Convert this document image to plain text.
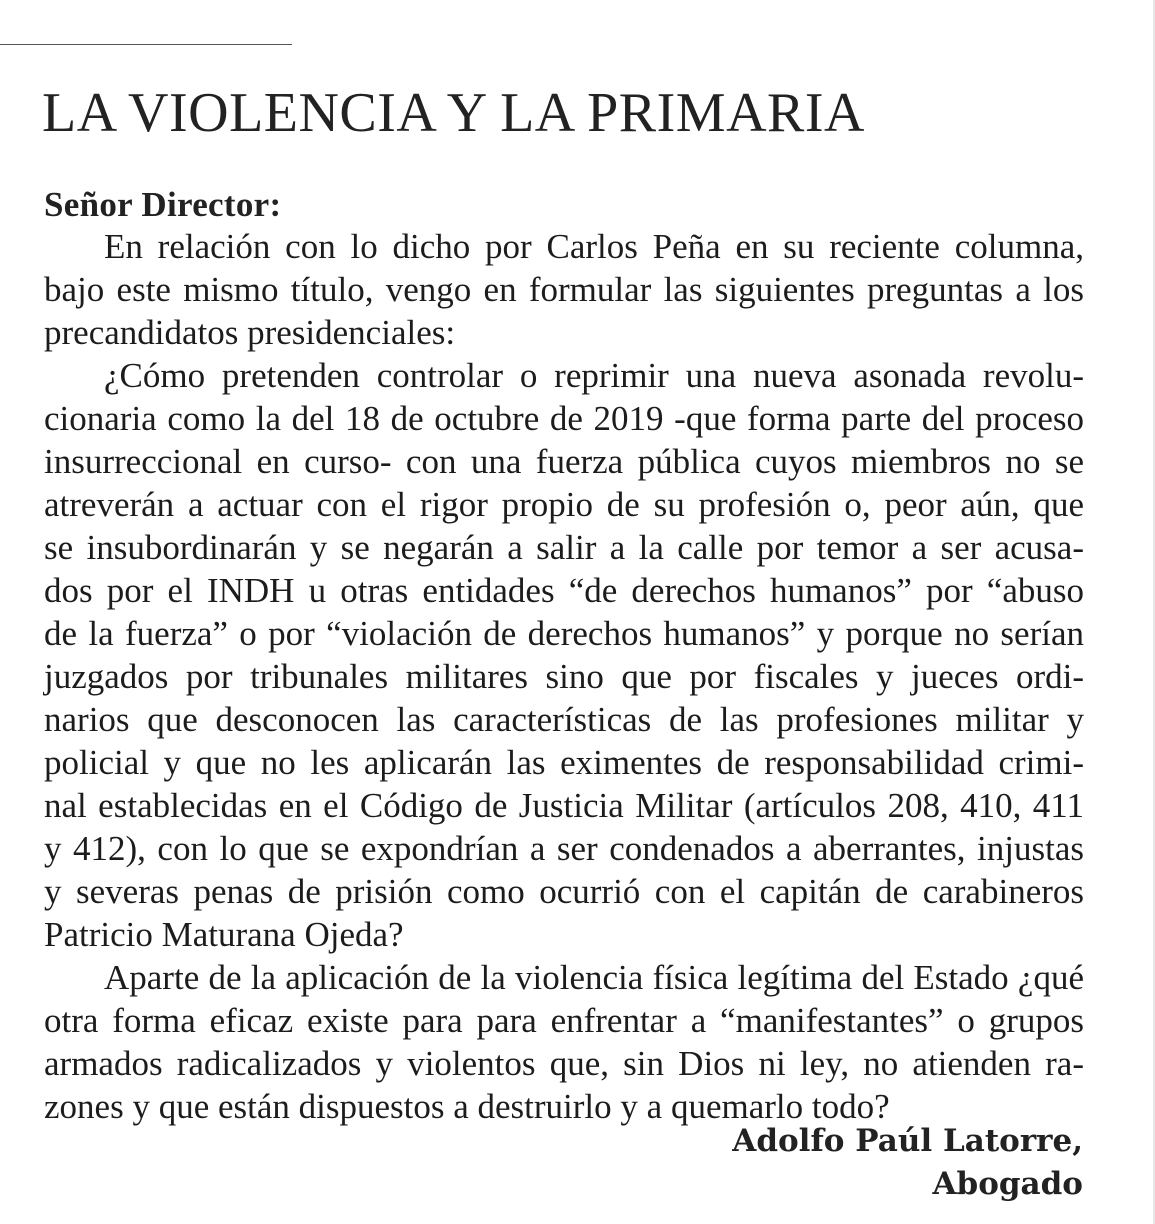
LA VIOLENCIA Y LA PRIMARIA

Señor Director:

En relación con lo dicho por Carlos Peña en su reciente columna,
bajo este mismo título, vengo en formular las siguientes preguntas a los
precandidatos presidenciales:
¿Cómo pretenden controlar o reprimir una nueva asonada revolu-
cionaria como la del 18 de octubre de 2019 -que forma parte del proceso
insurreccional en curso- con una fuerza pública cuyos miembros no se
atreverán a actuar con el rigor propio de su profesión o, peor aún, que
se insubordinarán y se negarán a salir a la calle por temor a ser acusa-
dos por el INDH u otras entidades “de derechos humanos” por “abuso
de la fuerza” o por “violación de derechos humanos” y porque no serían
juzgados por tribunales militares sino que por fiscales y jueces ordi-
narios que desconocen las características de las profesiones militar y
policial y que no les aplicarán las eximentes de responsabilidad crimi-
nal establecidas en el Código de Justicia Militar (artículos 208, 410, 411
y 412), con lo que se expondrían a ser condenados a aberrantes, injustas
y severas penas de prisión como ocurrió con el capitán de carabineros
Patricio Maturana Ojeda?
Aparte de la aplicación de la violencia física legítima del Estado ¿qué
otra forma eficaz existe para para enfrentar a “manifestantes” o grupos
armados radicalizados y violentos que, sin Dios ni ley, no atienden ra-
zones y que están dispuestos a destruirlo y a quemarlo todo?
Adolfo Paúl Latorre,
Abogado
